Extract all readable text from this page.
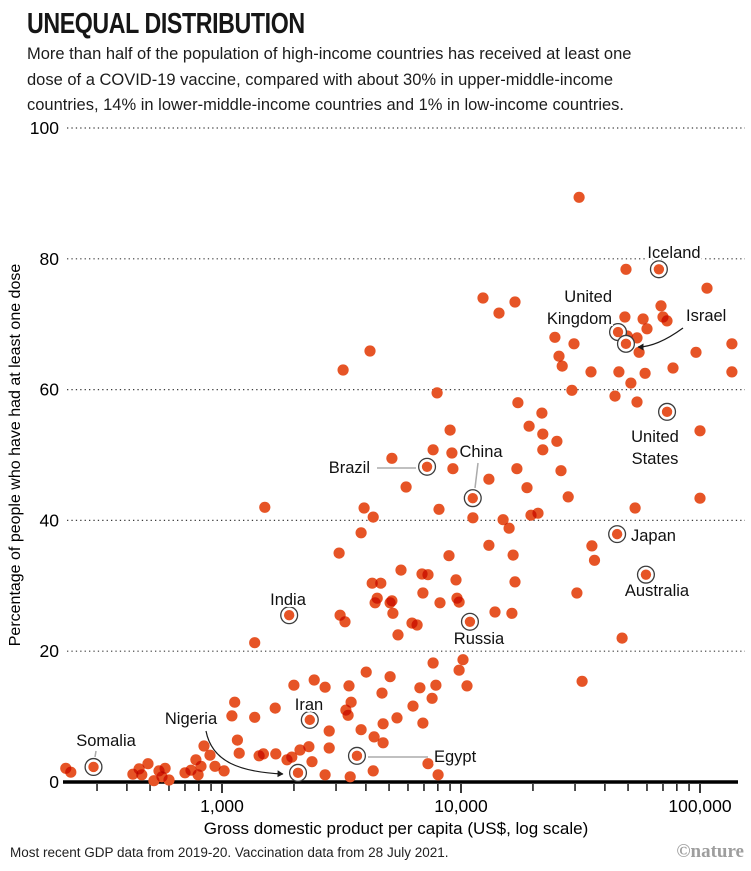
UNEQUAL DISTRIBUTION
More than half of the population of high-income countries has received at least one
dose of a COVID-19 vaccine, compared with about 30% in upper-middle-income
countries, 14% in lower-middle-income countries and 1% in low-income countries.
0
20
40
60
80
100
1,000	10,000	100,000
Gross domestic product per capita (US$, log scale)
Percentage of people who have had at least one dose
Somalia
Nigeria
India
Iran
Egypt
Russia
Brazil
China
Japan
Australia
United
States
United
Kingdom	Israel
Iceland
Most recent GDP data from 2019-20. Vaccination data from 28 July 2021.	©nature
